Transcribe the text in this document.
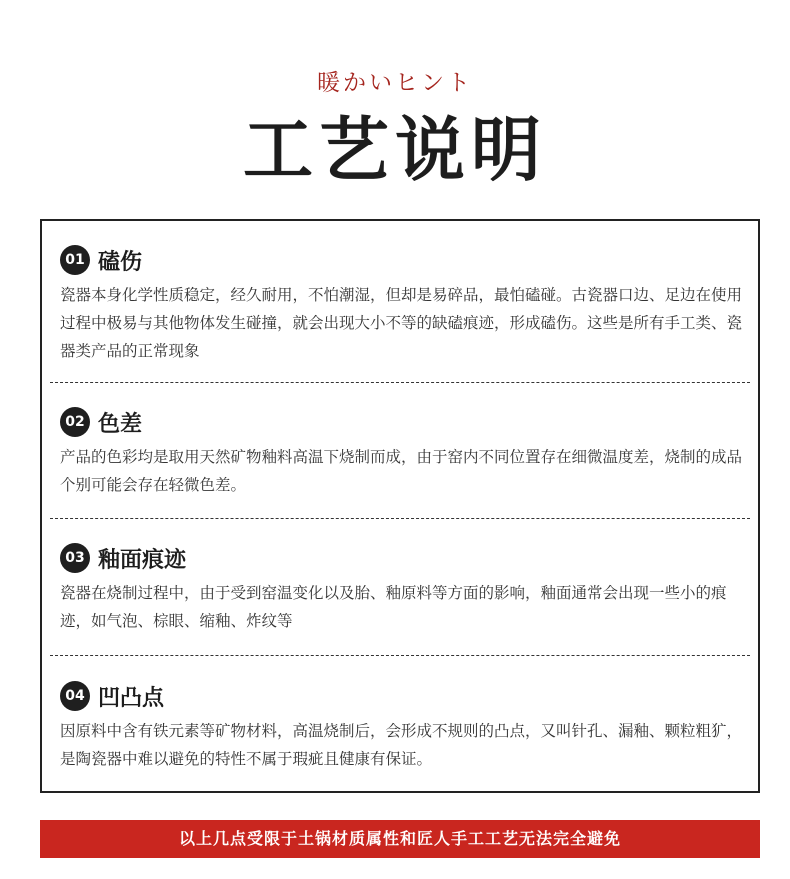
暖かいヒント
工艺说明
01 磕伤

瓷器本身化学性质稳定，经久耐用，不怕潮湿，但却是易碎品，最怕磕碰。古瓷器口边、足边在使用过程中极易与其他物体发生碰撞，就会出现大小不等的缺磕痕迹，形成磕伤。这些是所有手工类、瓷器类产品的正常现象

02 色差

产品的色彩均是取用天然矿物釉料高温下烧制而成，由于窑内不同位置存在细微温度差，烧制的成品个别可能会存在轻微色差。

03 釉面痕迹

瓷器在烧制过程中，由于受到窑温变化以及胎、釉原料等方面的影响，釉面通常会出现一些小的痕迹，如气泡、棕眼、缩釉、炸纹等

04 凹凸点

因原料中含有铁元素等矿物材料，高温烧制后，会形成不规则的凸点，又叫针孔、漏釉、颗粒粗犷，是陶瓷器中难以避免的特性不属于瑕疵且健康有保证。

以上几点受限于土锅材质属性和匠人手工工艺无法完全避免
